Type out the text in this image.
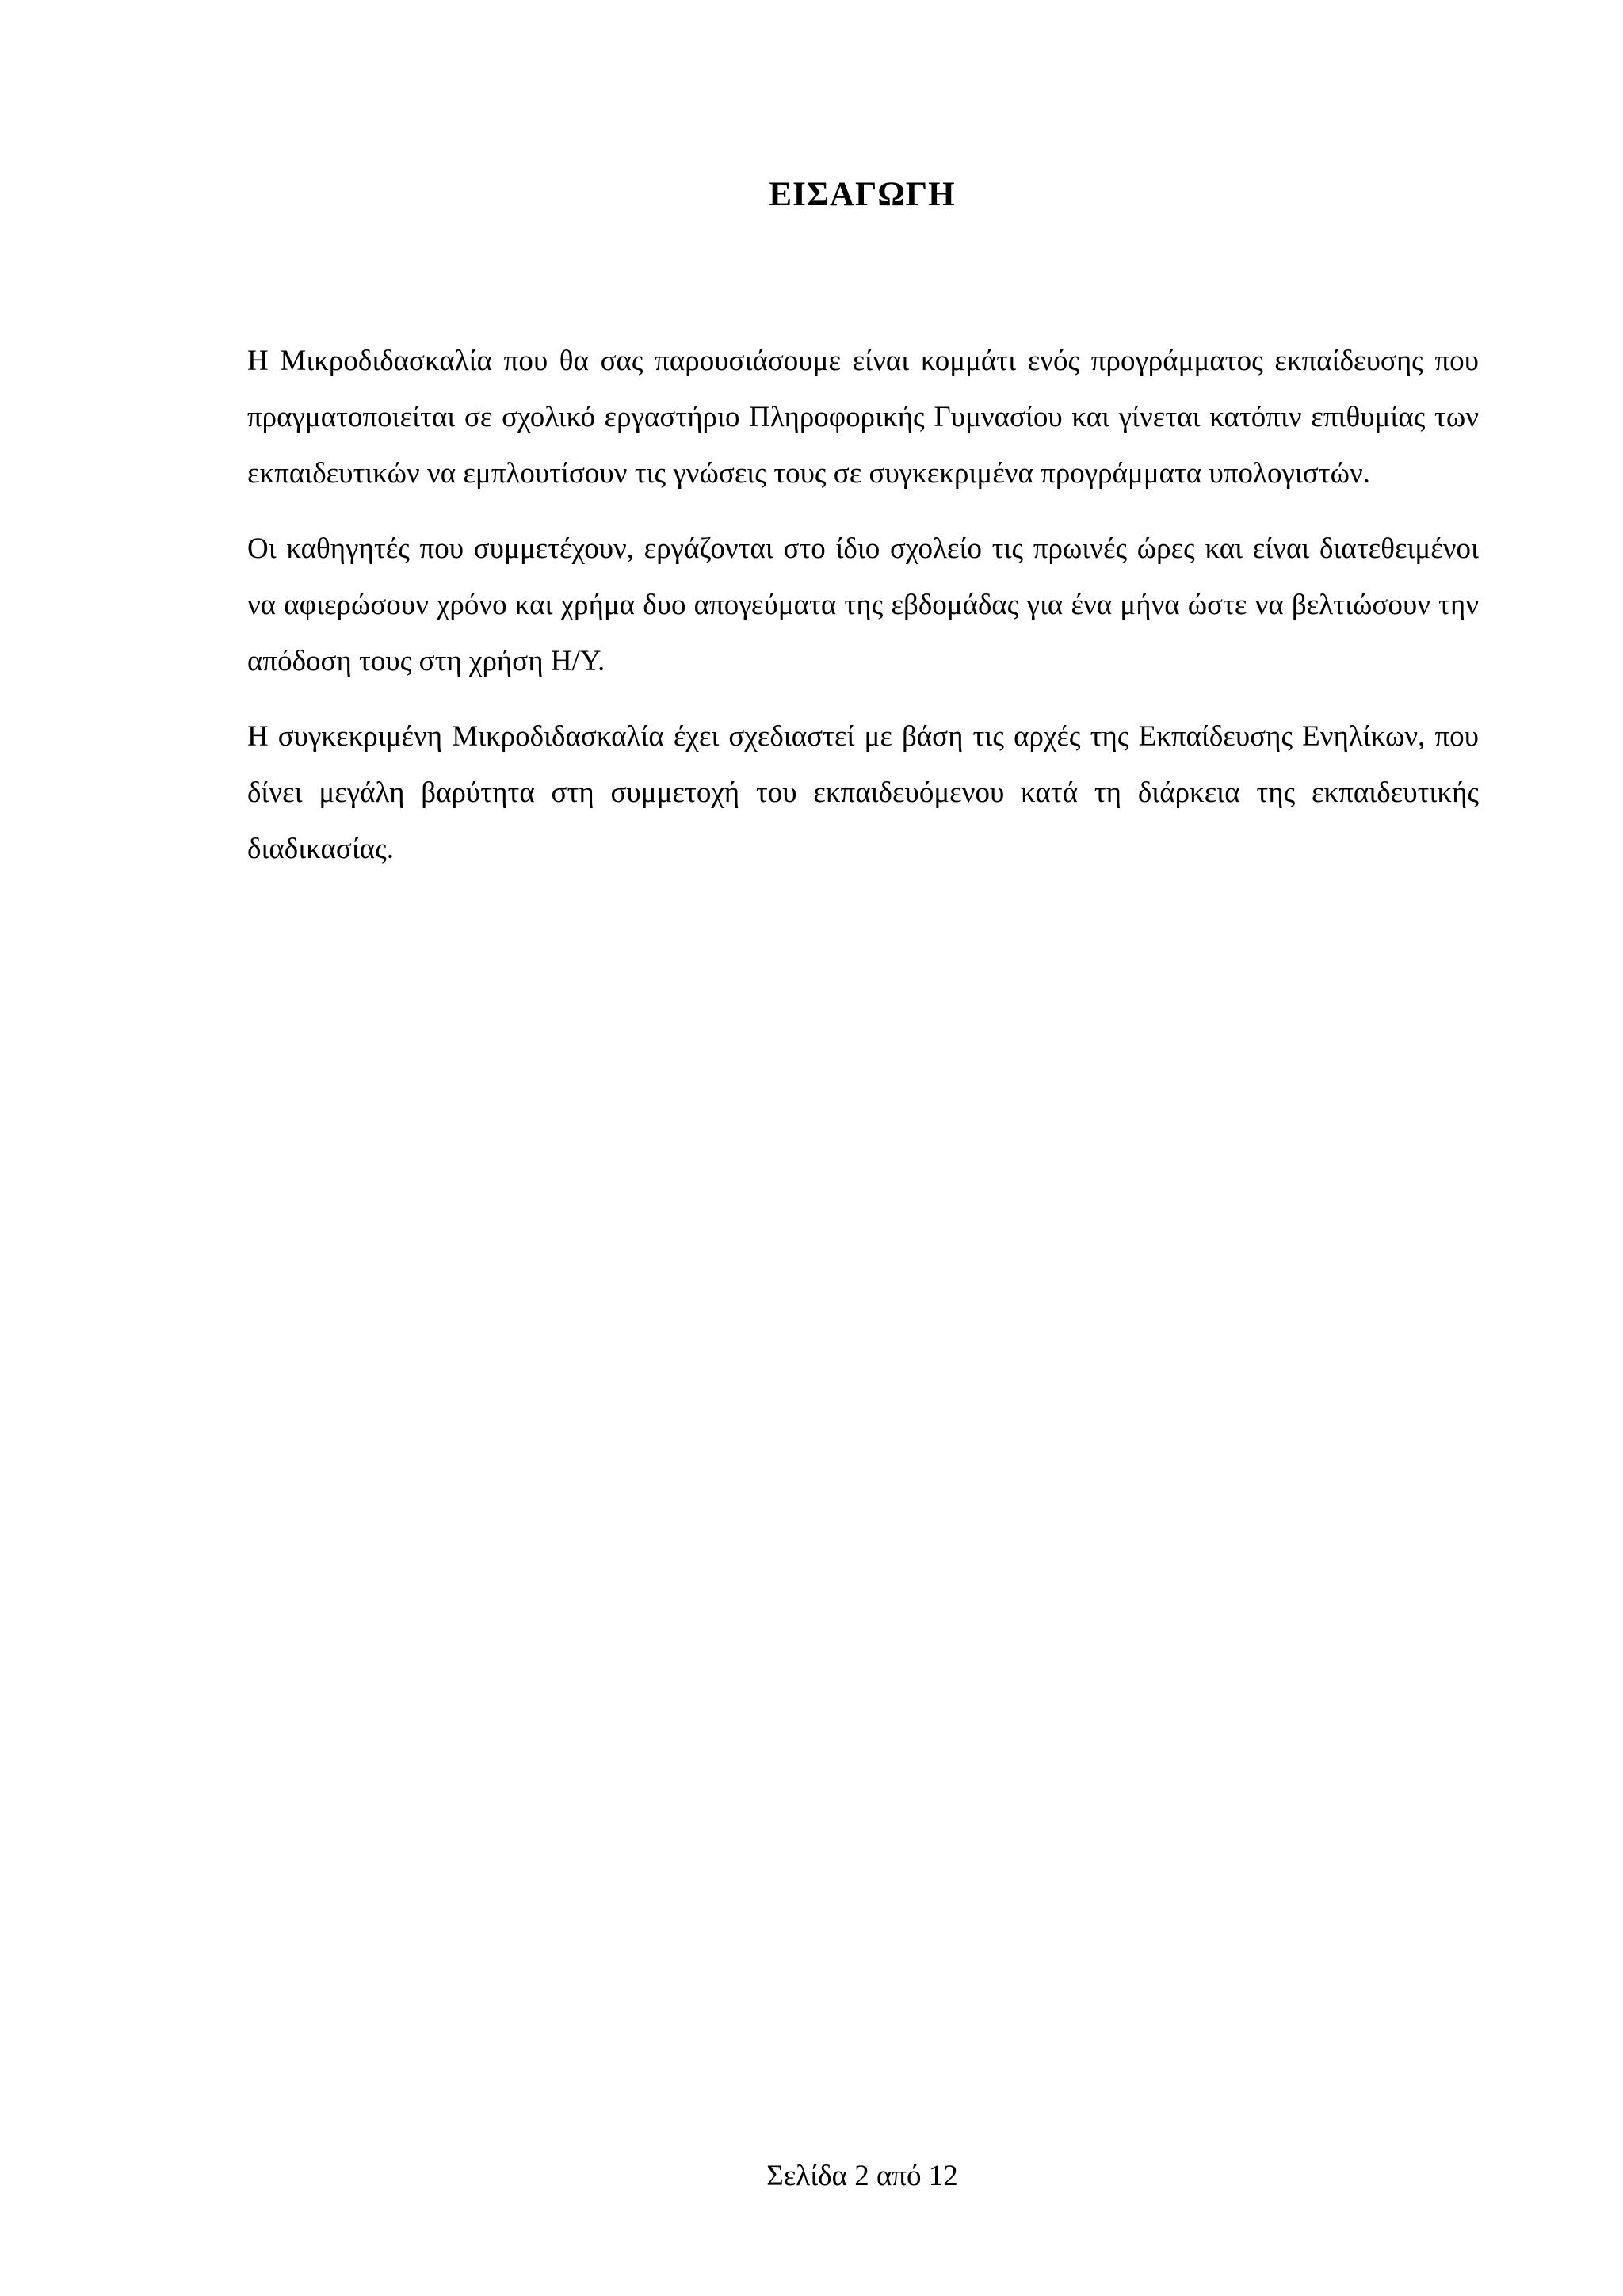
ΕΙΣΑΓΩΓΗ

Η Μικροδιδασκαλία που θα σας παρουσιάσουμε είναι κομμάτι ενός προγράμματος εκπαίδευσης που πραγματοποιείται σε σχολικό εργαστήριο Πληροφορικής Γυμνασίου και γίνεται κατόπιν επιθυμίας των εκπαιδευτικών να εμπλουτίσουν τις γνώσεις τους σε συγκεκριμένα προγράμματα υπολογιστών.

Οι καθηγητές που συμμετέχουν, εργάζονται στο ίδιο σχολείο τις πρωινές ώρες και είναι διατεθειμένοι να αφιερώσουν χρόνο και χρήμα δυο απογεύματα της εβδομάδας για ένα μήνα ώστε να βελτιώσουν την απόδοση τους στη χρήση Η/Υ.

Η συγκεκριμένη Μικροδιδασκαλία έχει σχεδιαστεί με βάση τις αρχές της Εκπαίδευσης Ενηλίκων, που δίνει μεγάλη βαρύτητα στη συμμετοχή του εκπαιδευόμενου κατά τη διάρκεια της εκπαιδευτικής διαδικασίας.

Σελίδα 2 από 12
